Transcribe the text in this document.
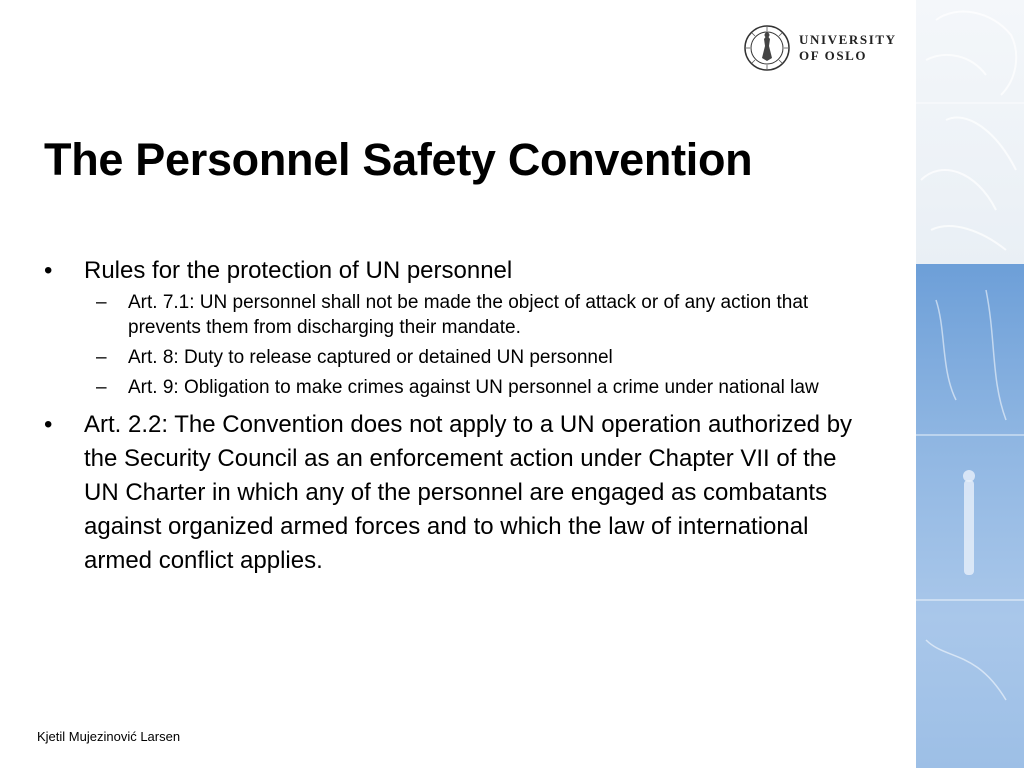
UNIVERSITY
OF OSLO
The Personnel Safety Convention
• Rules for the protection of UN personnel
– Art. 7.1: UN personnel shall not be made the object of attack or of any action that prevents them from discharging their mandate.
– Art. 8: Duty to release captured or detained UN personnel
– Art. 9: Obligation to make crimes against UN personnel a crime under national law
• Art. 2.2: The Convention does not apply to a UN operation authorized by the Security Council as an enforcement action under Chapter VII of the UN Charter in which any of the personnel are engaged as combatants against organized armed forces and to which the law of international armed conflict applies.
Kjetil Mujezinović Larsen
